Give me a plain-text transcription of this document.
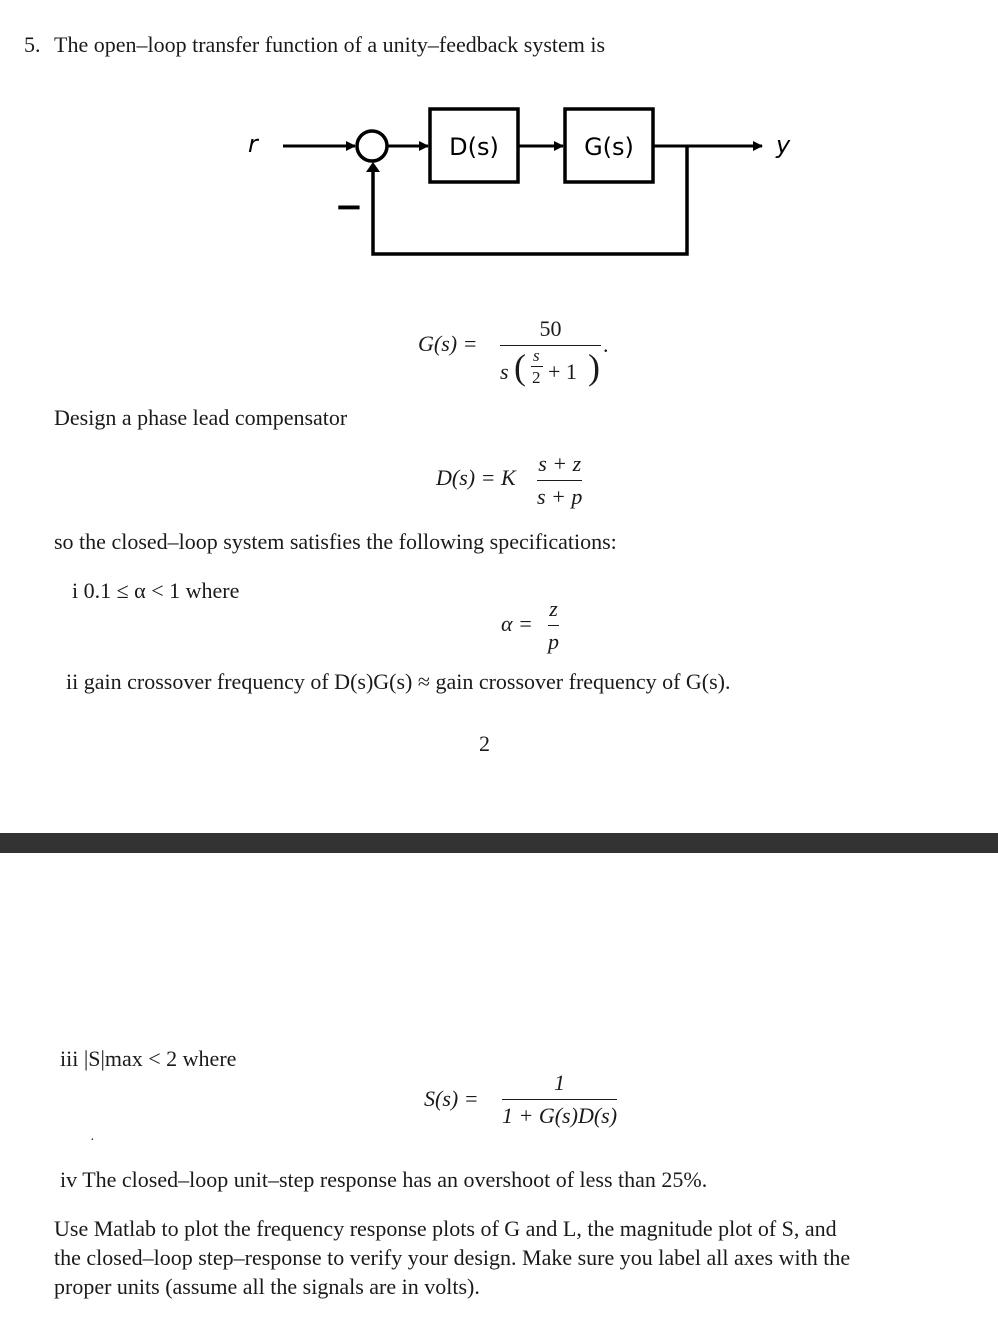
5. The open–loop transfer function of a unity–feedback system is
r	D(s)	G(s)	y
−
G(s) =
50
s ( s
2 + 1 )
.
Design a phase lead compensator
D(s) = K
s + z
s + p
so the closed–loop system satisfies the following specifications:
i 0.1 ≤ α < 1 where
α =
z
p
ii gain crossover frequency of D(s)G(s) ≈ gain crossover frequency of G(s).
2
iii |S|max < 2 where
S(s) =
1
1 + G(s)D(s)
·
iv The closed–loop unit–step response has an overshoot of less than 25%.
Use Matlab to plot the frequency response plots of G and L, the magnitude plot of S, and
the closed–loop step–response to verify your design. Make sure you label all axes with the
proper units (assume all the signals are in volts).
